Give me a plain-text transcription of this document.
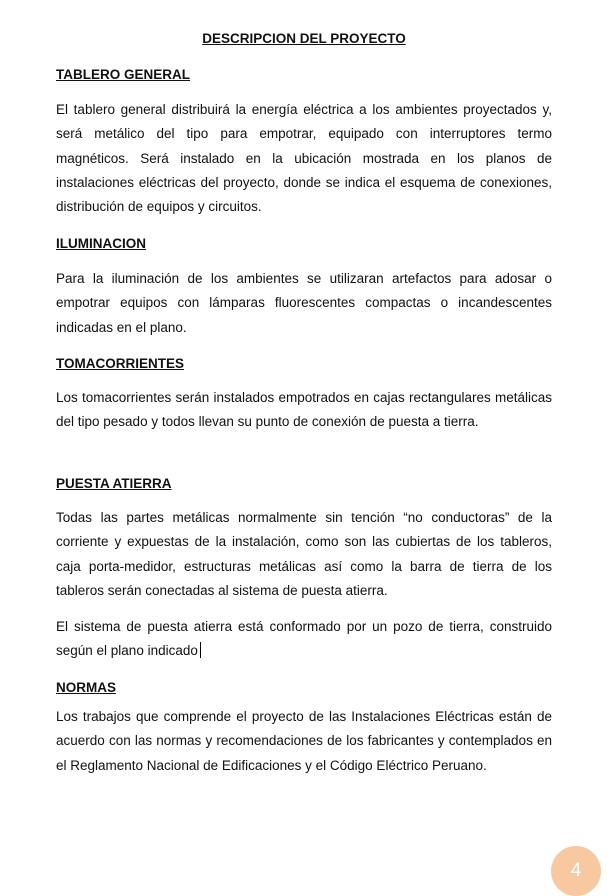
DESCRIPCION DEL PROYECTO
TABLERO GENERAL

El tablero general distribuirá la energía eléctrica a los ambientes proyectados y, será metálico del tipo para empotrar, equipado con interruptores termo magnéticos. Será instalado en la ubicación mostrada en los planos de instalaciones eléctricas del proyecto, donde se indica el esquema de conexiones, distribución de equipos y circuitos.

ILUMINACION

Para la iluminación de los ambientes se utilizaran artefactos para adosar o empotrar equipos con lámparas fluorescentes compactas o incandescentes indicadas en el plano.

TOMACORRIENTES

Los tomacorrientes serán instalados empotrados en cajas rectangulares metálicas del tipo pesado y todos llevan su punto de conexión de puesta a tierra.

PUESTA ATIERRA

Todas las partes metálicas normalmente sin tención “no conductoras” de la corriente y expuestas de la instalación, como son las cubiertas de los tableros, caja porta-medidor, estructuras metálicas así como la barra de tierra de los tableros serán conectadas al sistema de puesta atierra.

El sistema de puesta atierra está conformado por un pozo de tierra, construido según el plano indicado

NORMAS

Los trabajos que comprende el proyecto de las Instalaciones Eléctricas están de acuerdo con las normas y recomendaciones de los fabricantes y contemplados en el Reglamento Nacional de Edificaciones y el Código Eléctrico Peruano.

4
